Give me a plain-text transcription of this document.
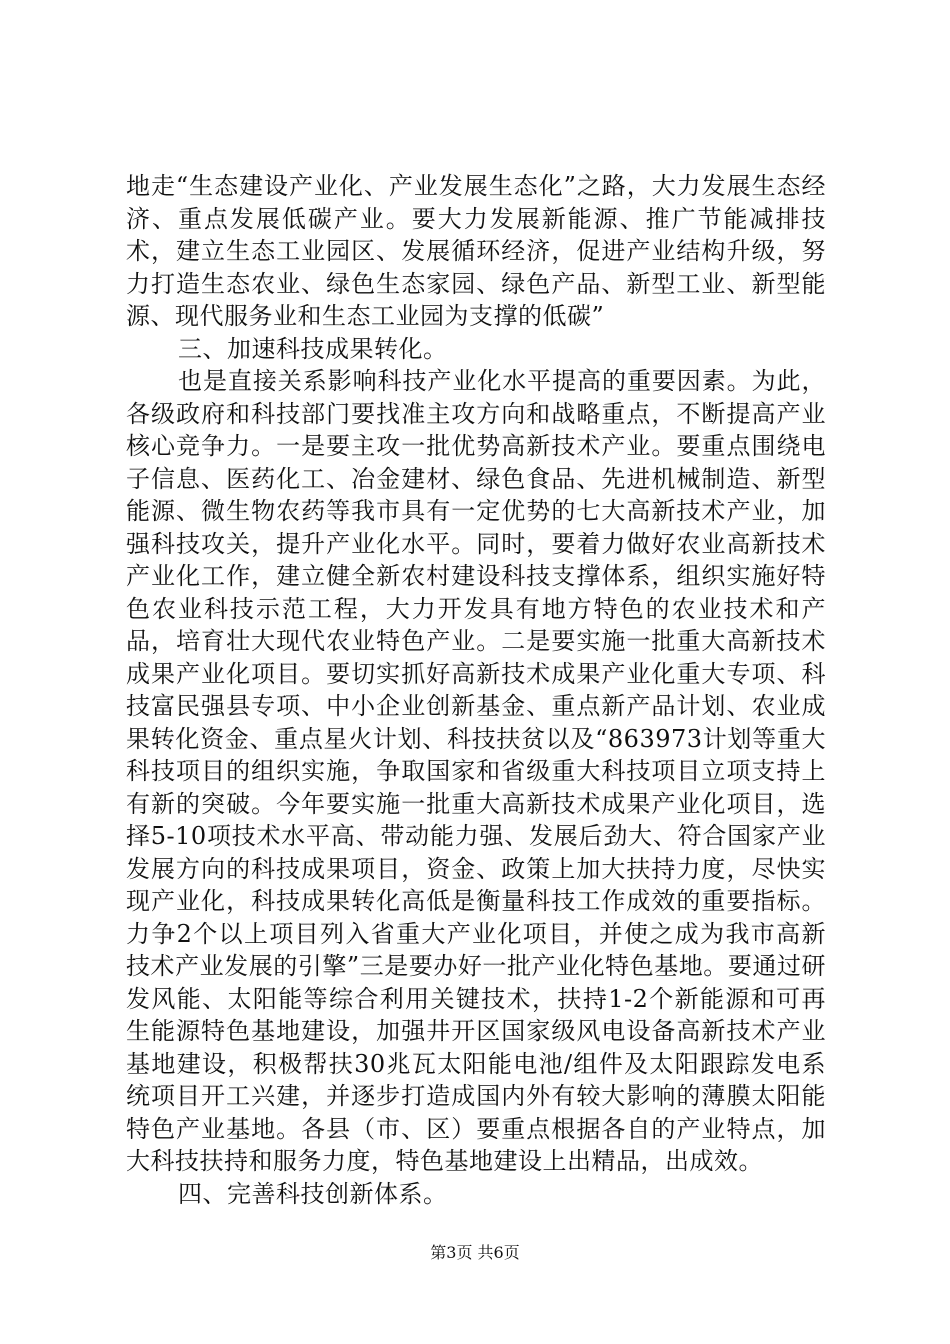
地走“生态建设产业化、产业发展生态化”之路，大力发展生态经济、重点发展低碳产业。要大力发展新能源、推广节能减排技术，建立生态工业园区、发展循环经济，促进产业结构升级，努力打造生态农业、绿色生态家园、绿色产品、新型工业、新型能源、现代服务业和生态工业园为支撑的低碳”

三、加速科技成果转化。

也是直接关系影响科技产业化水平提高的重要因素。为此，各级政府和科技部门要找准主攻方向和战略重点，不断提高产业核心竞争力。一是要主攻一批优势高新技术产业。要重点围绕电子信息、医药化工、冶金建材、绿色食品、先进机械制造、新型能源、微生物农药等我市具有一定优势的七大高新技术产业，加强科技攻关，提升产业化水平。同时，要着力做好农业高新技术产业化工作，建立健全新农村建设科技支撑体系，组织实施好特色农业科技示范工程，大力开发具有地方特色的农业技术和产品，培育壮大现代农业特色产业。二是要实施一批重大高新技术成果产业化项目。要切实抓好高新技术成果产业化重大专项、科技富民强县专项、中小企业创新基金、重点新产品计划、农业成果转化资金、重点星火计划、科技扶贫以及“863973计划等重大科技项目的组织实施，争取国家和省级重大科技项目立项支持上有新的突破。今年要实施一批重大高新技术成果产业化项目，选择5-10项技术水平高、带动能力强、发展后劲大、符合国家产业发展方向的科技成果项目，资金、政策上加大扶持力度，尽快实现产业化，科技成果转化高低是衡量科技工作成效的重要指标。力争2个以上项目列入省重大产业化项目，并使之成为我市高新技术产业发展的引擎”三是要办好一批产业化特色基地。要通过研发风能、太阳能等综合利用关键技术，扶持1-2个新能源和可再生能源特色基地建设，加强井开区国家级风电设备高新技术产业基地建设，积极帮扶30兆瓦太阳能电池/组件及太阳跟踪发电系统项目开工兴建，并逐步打造成国内外有较大影响的薄膜太阳能特色产业基地。各县（市、区）要重点根据各自的产业特点，加大科技扶持和服务力度，特色基地建设上出精品，出成效。

四、完善科技创新体系。

第3页 共6页
